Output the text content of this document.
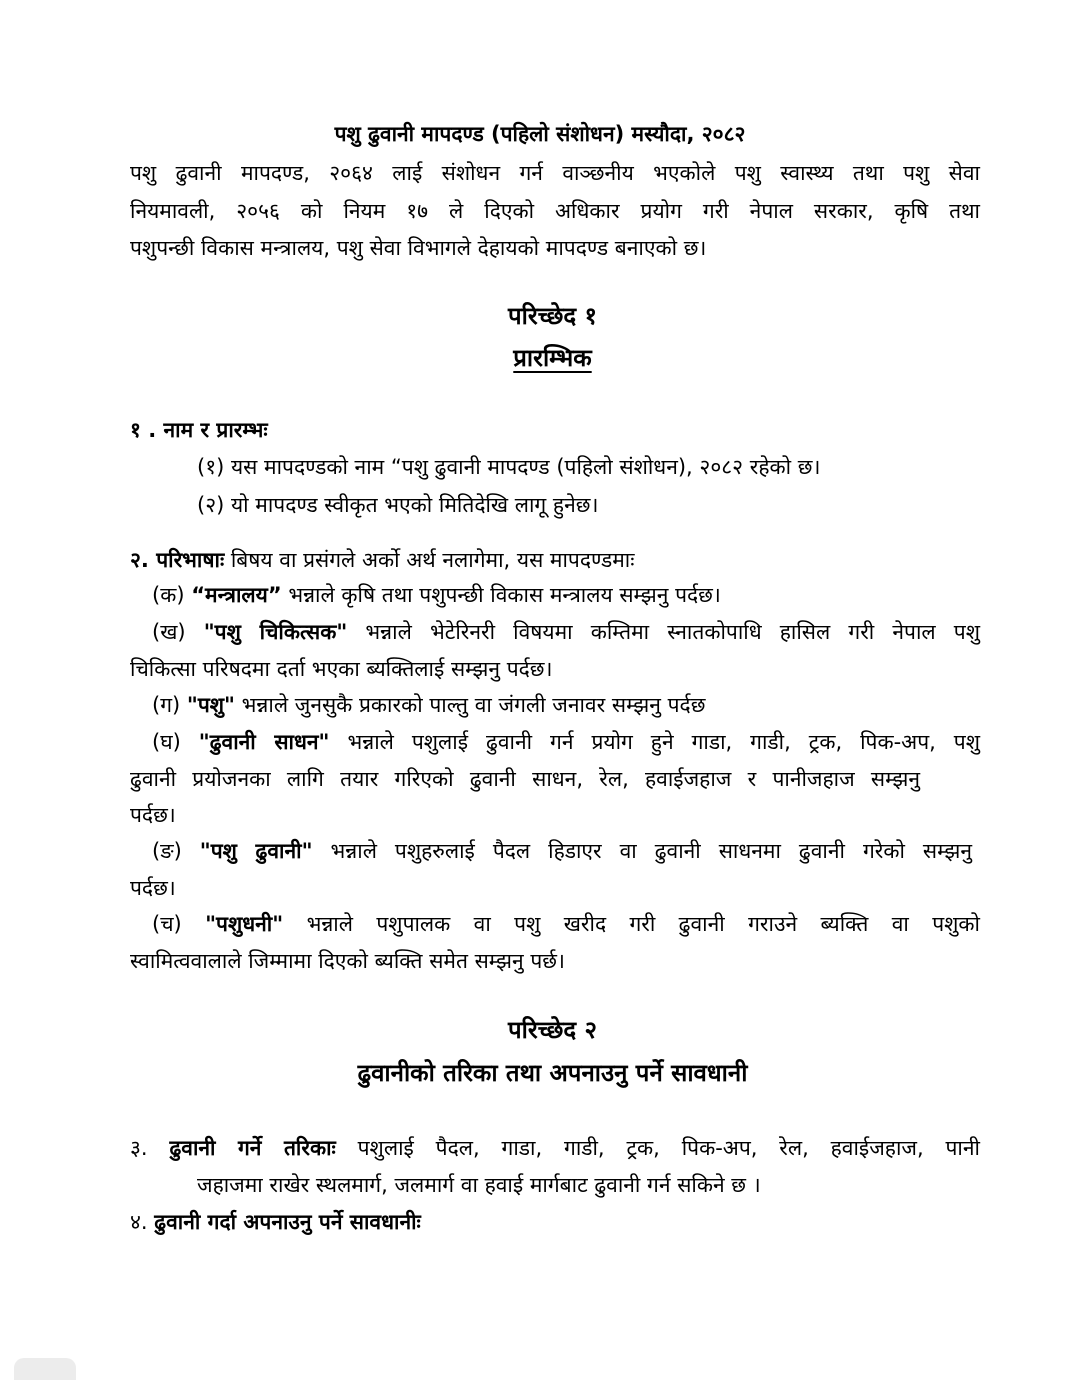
पशु ढुवानी मापदण्ड (पहिलो संशोधन) मस्यौदा, २०८२

पशु ढुवानी मापदण्ड, २०६४ लाई संशोधन गर्न वाञ्छनीय भएकोले पशु स्वास्थ्य तथा पशु सेवा

नियमावली, २०५६ को नियम १७ ले दिएको अधिकार प्रयोग गरी नेपाल सरकार, कृषि तथा

पशुपन्छी विकास मन्त्रालय, पशु सेवा विभागले देहायको मापदण्ड बनाएको छ।

परिच्छेद १

प्रारम्भिक

१ . नाम र प्रारम्भः

(१) यस मापदण्डको नाम “पशु ढुवानी मापदण्ड (पहिलो संशोधन), २०८२ रहेको छ।

(२) यो मापदण्ड स्वीकृत भएको मितिदेखि लागू हुनेछ।

२. परिभाषाः बिषय वा प्रसंगले अर्को अर्थ नलागेमा, यस मापदण्डमाः

(क) “मन्त्रालय” भन्नाले कृषि तथा पशुपन्छी विकास मन्त्रालय सम्झनु पर्दछ।

(ख) "पशु चिकित्सक" भन्नाले भेटेरिनरी विषयमा कम्तिमा स्नातकोपाधि हासिल गरी नेपाल पशु

चिकित्सा परिषदमा दर्ता भएका ब्यक्तिलाई सम्झनु पर्दछ।

(ग) "पशु" भन्नाले जुनसुकै प्रकारको पाल्तु वा जंगली जनावर सम्झनु पर्दछ

(घ) "ढुवानी साधन" भन्नाले पशुलाई ढुवानी गर्न प्रयोग हुने गाडा, गाडी, ट्रक, पिक-अप, पशु

ढुवानी प्रयोजनका लागि तयार गरिएको ढुवानी साधन, रेल, हवाईजहाज र पानीजहाज सम्झनु

पर्दछ।

(ङ) "पशु ढुवानी" भन्नाले पशुहरुलाई पैदल हिडाएर वा ढुवानी साधनमा ढुवानी गरेको सम्झनु

पर्दछ।

(च) "पशुधनी" भन्नाले पशुपालक वा पशु खरीद गरी ढुवानी गराउने ब्यक्ति वा पशुको

स्वामित्ववालाले जिम्मामा दिएको ब्यक्ति समेत सम्झनु पर्छ।

परिच्छेद २

ढुवानीको तरिका तथा अपनाउनु पर्ने सावधानी

३. ढुवानी गर्ने तरिकाः पशुलाई पैदल, गाडा, गाडी, ट्रक, पिक-अप, रेल, हवाईजहाज, पानी

जहाजमा राखेर स्थलमार्ग, जलमार्ग वा हवाई मार्गबाट ढुवानी गर्न सकिने छ ।

४. ढुवानी गर्दा अपनाउनु पर्ने सावधानीः
